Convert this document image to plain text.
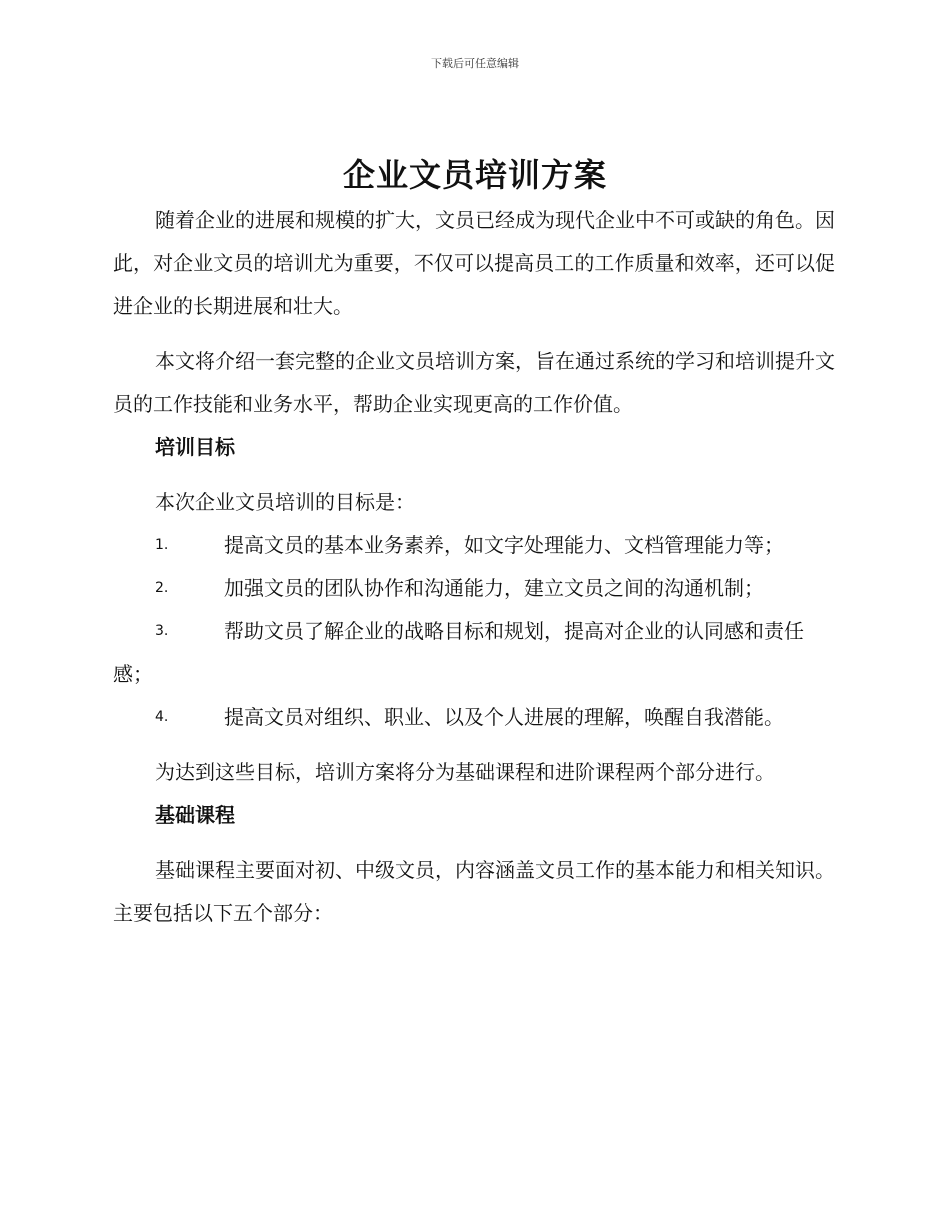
下载后可任意编辑
企业文员培训方案

随着企业的进展和规模的扩大，文员已经成为现代企业中不可或缺的角色。因此，对企业文员的培训尤为重要，不仅可以提高员工的工作质量和效率，还可以促进企业的长期进展和壮大。

本文将介绍一套完整的企业文员培训方案，旨在通过系统的学习和培训提升文员的工作技能和业务水平，帮助企业实现更高的工作价值。

培训目标

本次企业文员培训的目标是：

1.	提高文员的基本业务素养，如文字处理能力、文档管理能力等；
2.	加强文员的团队协作和沟通能力，建立文员之间的沟通机制；
3.	帮助文员了解企业的战略目标和规划，提高对企业的认同感和责任感；
4.	提高文员对组织、职业、以及个人进展的理解，唤醒自我潜能。

为达到这些目标，培训方案将分为基础课程和进阶课程两个部分进行。

基础课程

基础课程主要面对初、中级文员，内容涵盖文员工作的基本能力和相关知识。主要包括以下五个部分：
